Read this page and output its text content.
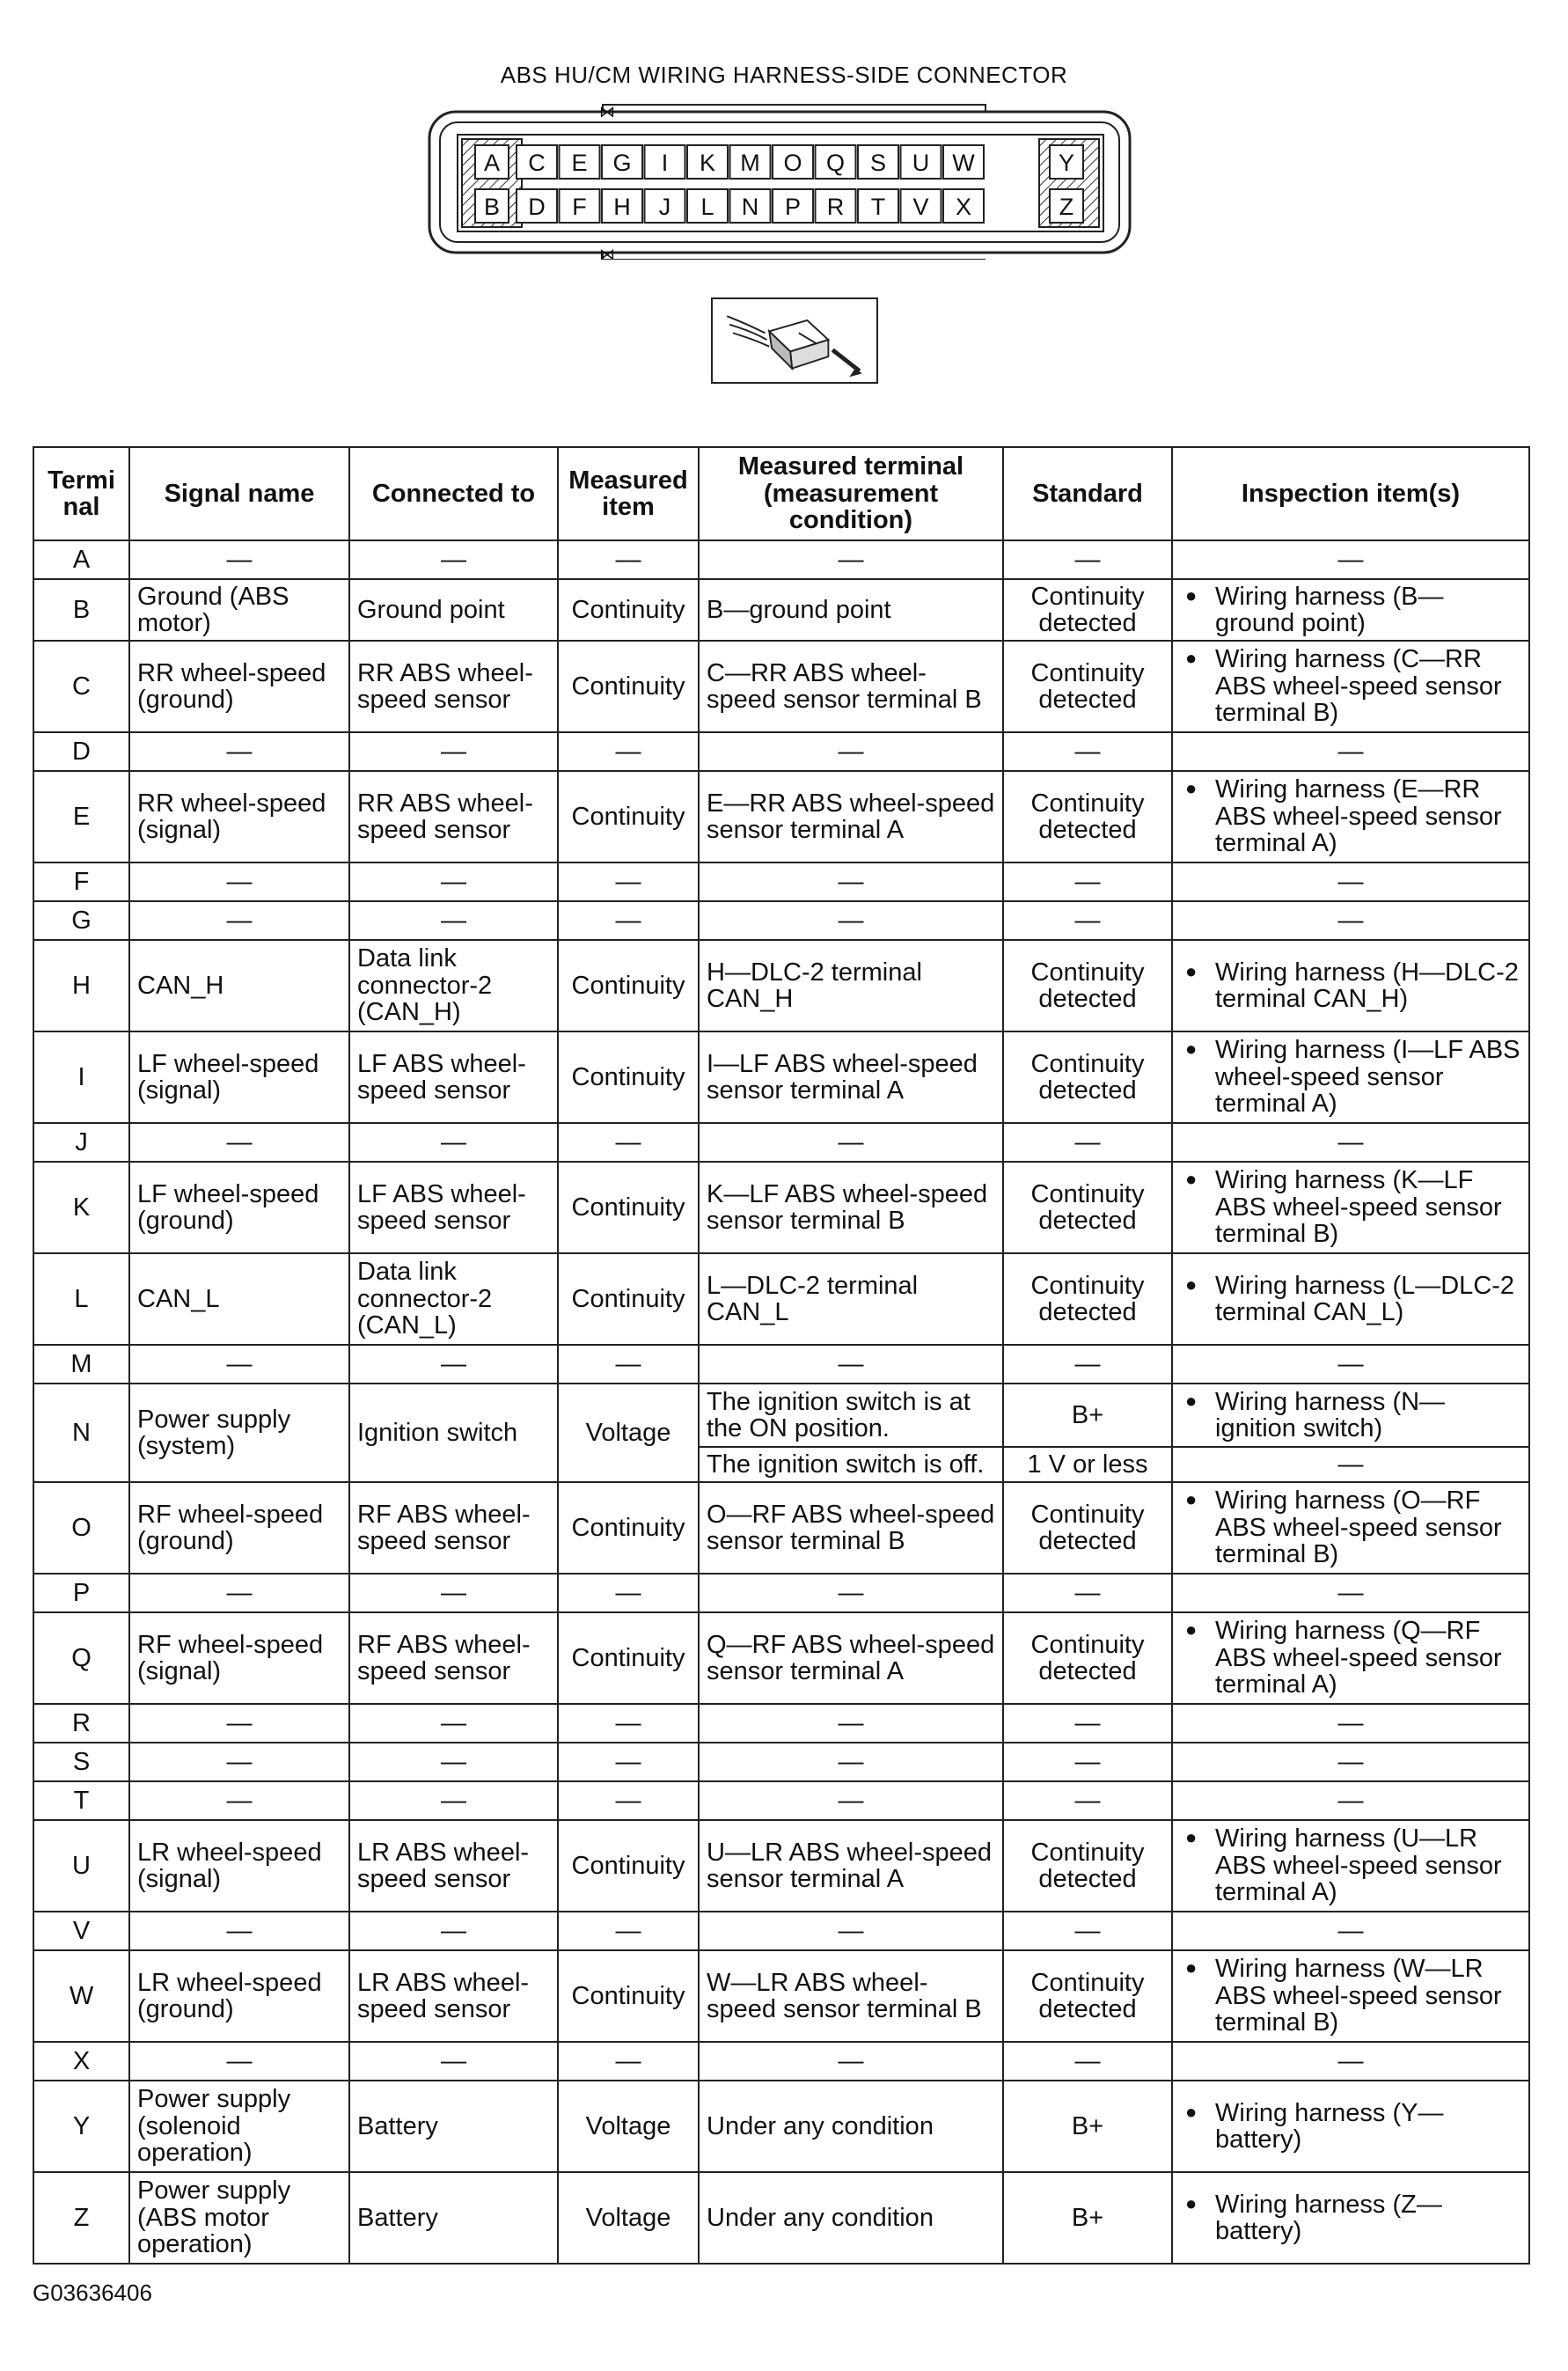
ABS HU/CM WIRING HARNESS-SIDE CONNECTOR
⋈
⋈
A C E G I K M O Q S U W	Y
B D F H J L N P R T V X	Z
Termi nal	Signal name	Connected to	Measured item	Measured terminal (measurement condition)	Standard	Inspection item(s)
A	—	—	—	—	—	—
B	Ground (ABS motor)	Ground point	Continuity	B—ground point	Continuity detected	● Wiring harness (B—ground point)

C	RR wheel-speed (ground)	RR ABS wheel-speed sensor	Continuity	C—RR ABS wheel-speed sensor terminal B	Continuity detected	● Wiring harness (C—RR ABS wheel-speed sensor terminal B)

D	—	—	—	—	—	—
E	RR wheel-speed (signal)	RR ABS wheel-speed sensor	Continuity	E—RR ABS wheel-speed sensor terminal A	Continuity detected	● Wiring harness (E—RR ABS wheel-speed sensor terminal A)

F	—	—	—	—	—	—
G	—	—	—	—	—	—
H	CAN_H	Data link connector-2 (CAN_H)	Continuity	H—DLC-2 terminal CAN_H	Continuity detected	● Wiring harness (H—DLC-2 terminal CAN_H)

I	LF wheel-speed (signal)	LF ABS wheel-speed sensor	Continuity	I—LF ABS wheel-speed sensor terminal A	Continuity detected	● Wiring harness (I—LF ABS wheel-speed sensor terminal A)

J	—	—	—	—	—	—
K	LF wheel-speed (ground)	LF ABS wheel-speed sensor	Continuity	K—LF ABS wheel-speed sensor terminal B	Continuity detected	● Wiring harness (K—LF ABS wheel-speed sensor terminal B)

L	CAN_L	Data link connector-2 (CAN_L)	Continuity	L—DLC-2 terminal CAN_L	Continuity detected	● Wiring harness (L—DLC-2 terminal CAN_L)

M	—	—	—	—	—	—
N	Power supply (system)	Ignition switch	Voltage	The ignition switch is at the ON position.	B+	● Wiring harness (N—ignition switch)

				The ignition switch is off.	1 V or less	—
O	RF wheel-speed (ground)	RF ABS wheel-speed sensor	Continuity	O—RF ABS wheel-speed sensor terminal B	Continuity detected	● Wiring harness (O—RF ABS wheel-speed sensor terminal B)

P	—	—	—	—	—	—
Q	RF wheel-speed (signal)	RF ABS wheel-speed sensor	Continuity	Q—RF ABS wheel-speed sensor terminal A	Continuity detected	● Wiring harness (Q—RF ABS wheel-speed sensor terminal A)

R	—	—	—	—	—	—
S	—	—	—	—	—	—
T	—	—	—	—	—	—
U	LR wheel-speed (signal)	LR ABS wheel-speed sensor	Continuity	U—LR ABS wheel-speed sensor terminal A	Continuity detected	● Wiring harness (U—LR ABS wheel-speed sensor terminal A)

V	—	—	—	—	—	—
W	LR wheel-speed (ground)	LR ABS wheel-speed sensor	Continuity	W—LR ABS wheel-speed sensor terminal B	Continuity detected	● Wiring harness (W—LR ABS wheel-speed sensor terminal B)

X	—	—	—	—	—	—
Y	Power supply (solenoid operation)	Battery	Voltage	Under any condition	B+	● Wiring harness (Y—battery)

Z	Power supply (ABS motor operation)	Battery	Voltage	Under any condition	B+	● Wiring harness (Z—battery)
G03636406
